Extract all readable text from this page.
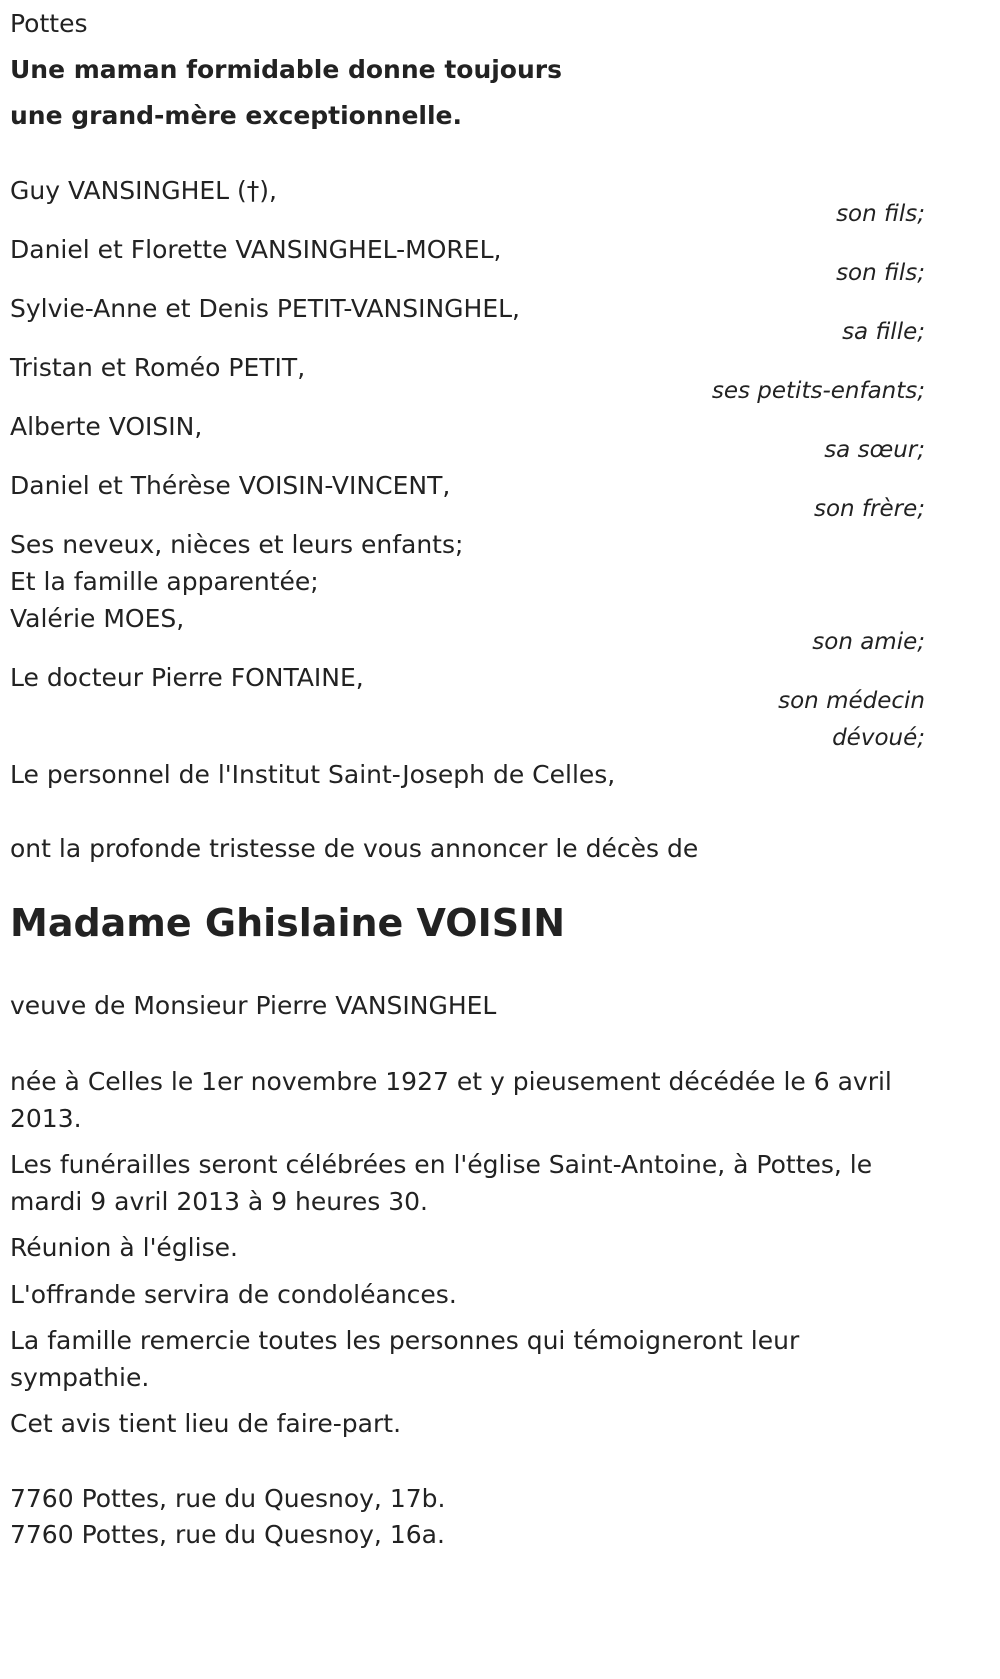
Pottes
Une maman formidable donne toujours
une grand-mère exceptionnelle.
Guy VANSINGHEL (†),
son fils;
Daniel et Florette VANSINGHEL-MOREL,
son fils;
Sylvie-Anne et Denis PETIT-VANSINGHEL,
sa fille;
Tristan et Roméo PETIT,
ses petits-enfants;
Alberte VOISIN,
sa sœur;
Daniel et Thérèse VOISIN-VINCENT,
son frère;
Ses neveux, nièces et leurs enfants;
Et la famille apparentée;
Valérie MOES,
son amie;
Le docteur Pierre FONTAINE,
son médecin
dévoué;
Le personnel de l'Institut Saint-Joseph de Celles,
ont la profonde tristesse de vous annoncer le décès de
Madame Ghislaine VOISIN
veuve de Monsieur Pierre VANSINGHEL
née à Celles le 1er novembre 1927 et y pieusement décédée le 6 avril 2013.
Les funérailles seront célébrées en l'église Saint-Antoine, à Pottes, le mardi 9 avril 2013 à 9 heures 30.
Réunion à l'église.
L'offrande servira de condoléances.
La famille remercie toutes les personnes qui témoigneront leur sympathie.
Cet avis tient lieu de faire-part.
7760 Pottes, rue du Quesnoy, 17b.
7760 Pottes, rue du Quesnoy, 16a.
